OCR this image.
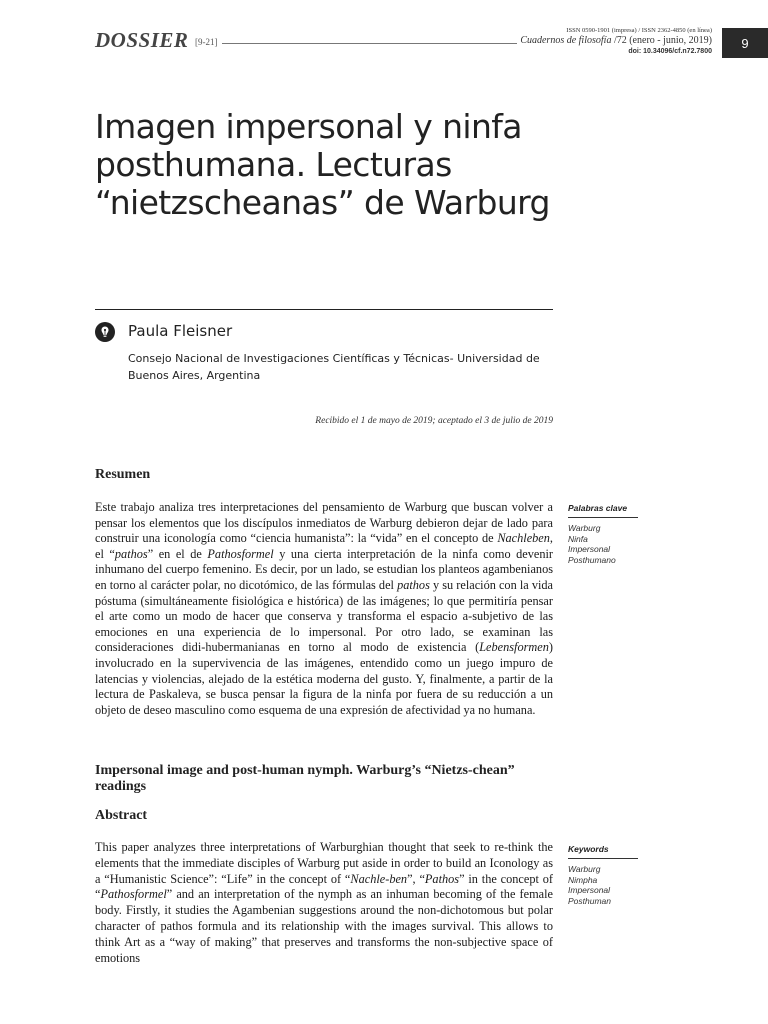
DOSSIER [9-21]
ISSN 0590-1901 (impresa) / ISSN 2362-4850 (en línea)
Cuadernos de filosofía /72 (enero - junio, 2019)
doi: 10.34096/cf.n72.7800
9
Imagen impersonal y ninfa posthumana. Lecturas “nietzscheanas” de Warburg
Paula Fleisner
Consejo Nacional de Investigaciones Científicas y Técnicas- Universidad de Buenos Aires, Argentina
Recibido el 1 de mayo de 2019; aceptado el 3 de julio de 2019
Resumen
Este trabajo analiza tres interpretaciones del pensamiento de Warburg que buscan volver a pensar los elementos que los discípulos inmediatos de Warburg debieron dejar de lado para construir una iconología como “ciencia humanista”: la “vida” en el concepto de Nachleben, el “pathos” en el de Pathosformel y una cierta interpretación de la ninfa como devenir inhumano del cuerpo femenino. Es decir, por un lado, se estudian los planteos agambenianos en torno al carácter polar, no dicotómico, de las fórmulas del pathos y su relación con la vida póstuma (simultáneamente fisiológica e histórica) de las imágenes; lo que permitiría pensar el arte como un modo de hacer que conserva y transforma el espacio a-subjetivo de las emociones en una experiencia de lo impersonal. Por otro lado, se examinan las consideraciones didi-hubermanianas en torno al modo de existencia (Lebensformen) involucrado en la supervivencia de las imágenes, entendido como un juego impuro de latencias y violencias, alejado de la estética moderna del gusto. Y, finalmente, a partir de la lectura de Paskaleva, se busca pensar la figura de la ninfa por fuera de su reducción a un objeto de deseo masculino como esquema de una expresión de afectividad ya no humana.
Palabras clave
Warburg
Ninfa
Impersonal
Posthumano
Impersonal image and post-human nymph. Warburg’s “Nietzs-chean” readings
Abstract
This paper analyzes three interpretations of Warburghian thought that seek to re-think the elements that the immediate disciples of Warburg put aside in order to build an Iconology as a “Humanistic Science”: “Life” in the concept of “Nachle-ben”, “Pathos” in the concept of “Pathosformel” and an interpretation of the nymph as an inhuman becoming of the female body. Firstly, it studies the Agambenian suggestions around the non-dichotomous but polar character of pathos formula and its relationship with the images survival. This allows to think Art as a “way of making” that preserves and transforms the non-subjective space of emotions
Keywords
Warburg
Nimpha
Impersonal
Posthuman
